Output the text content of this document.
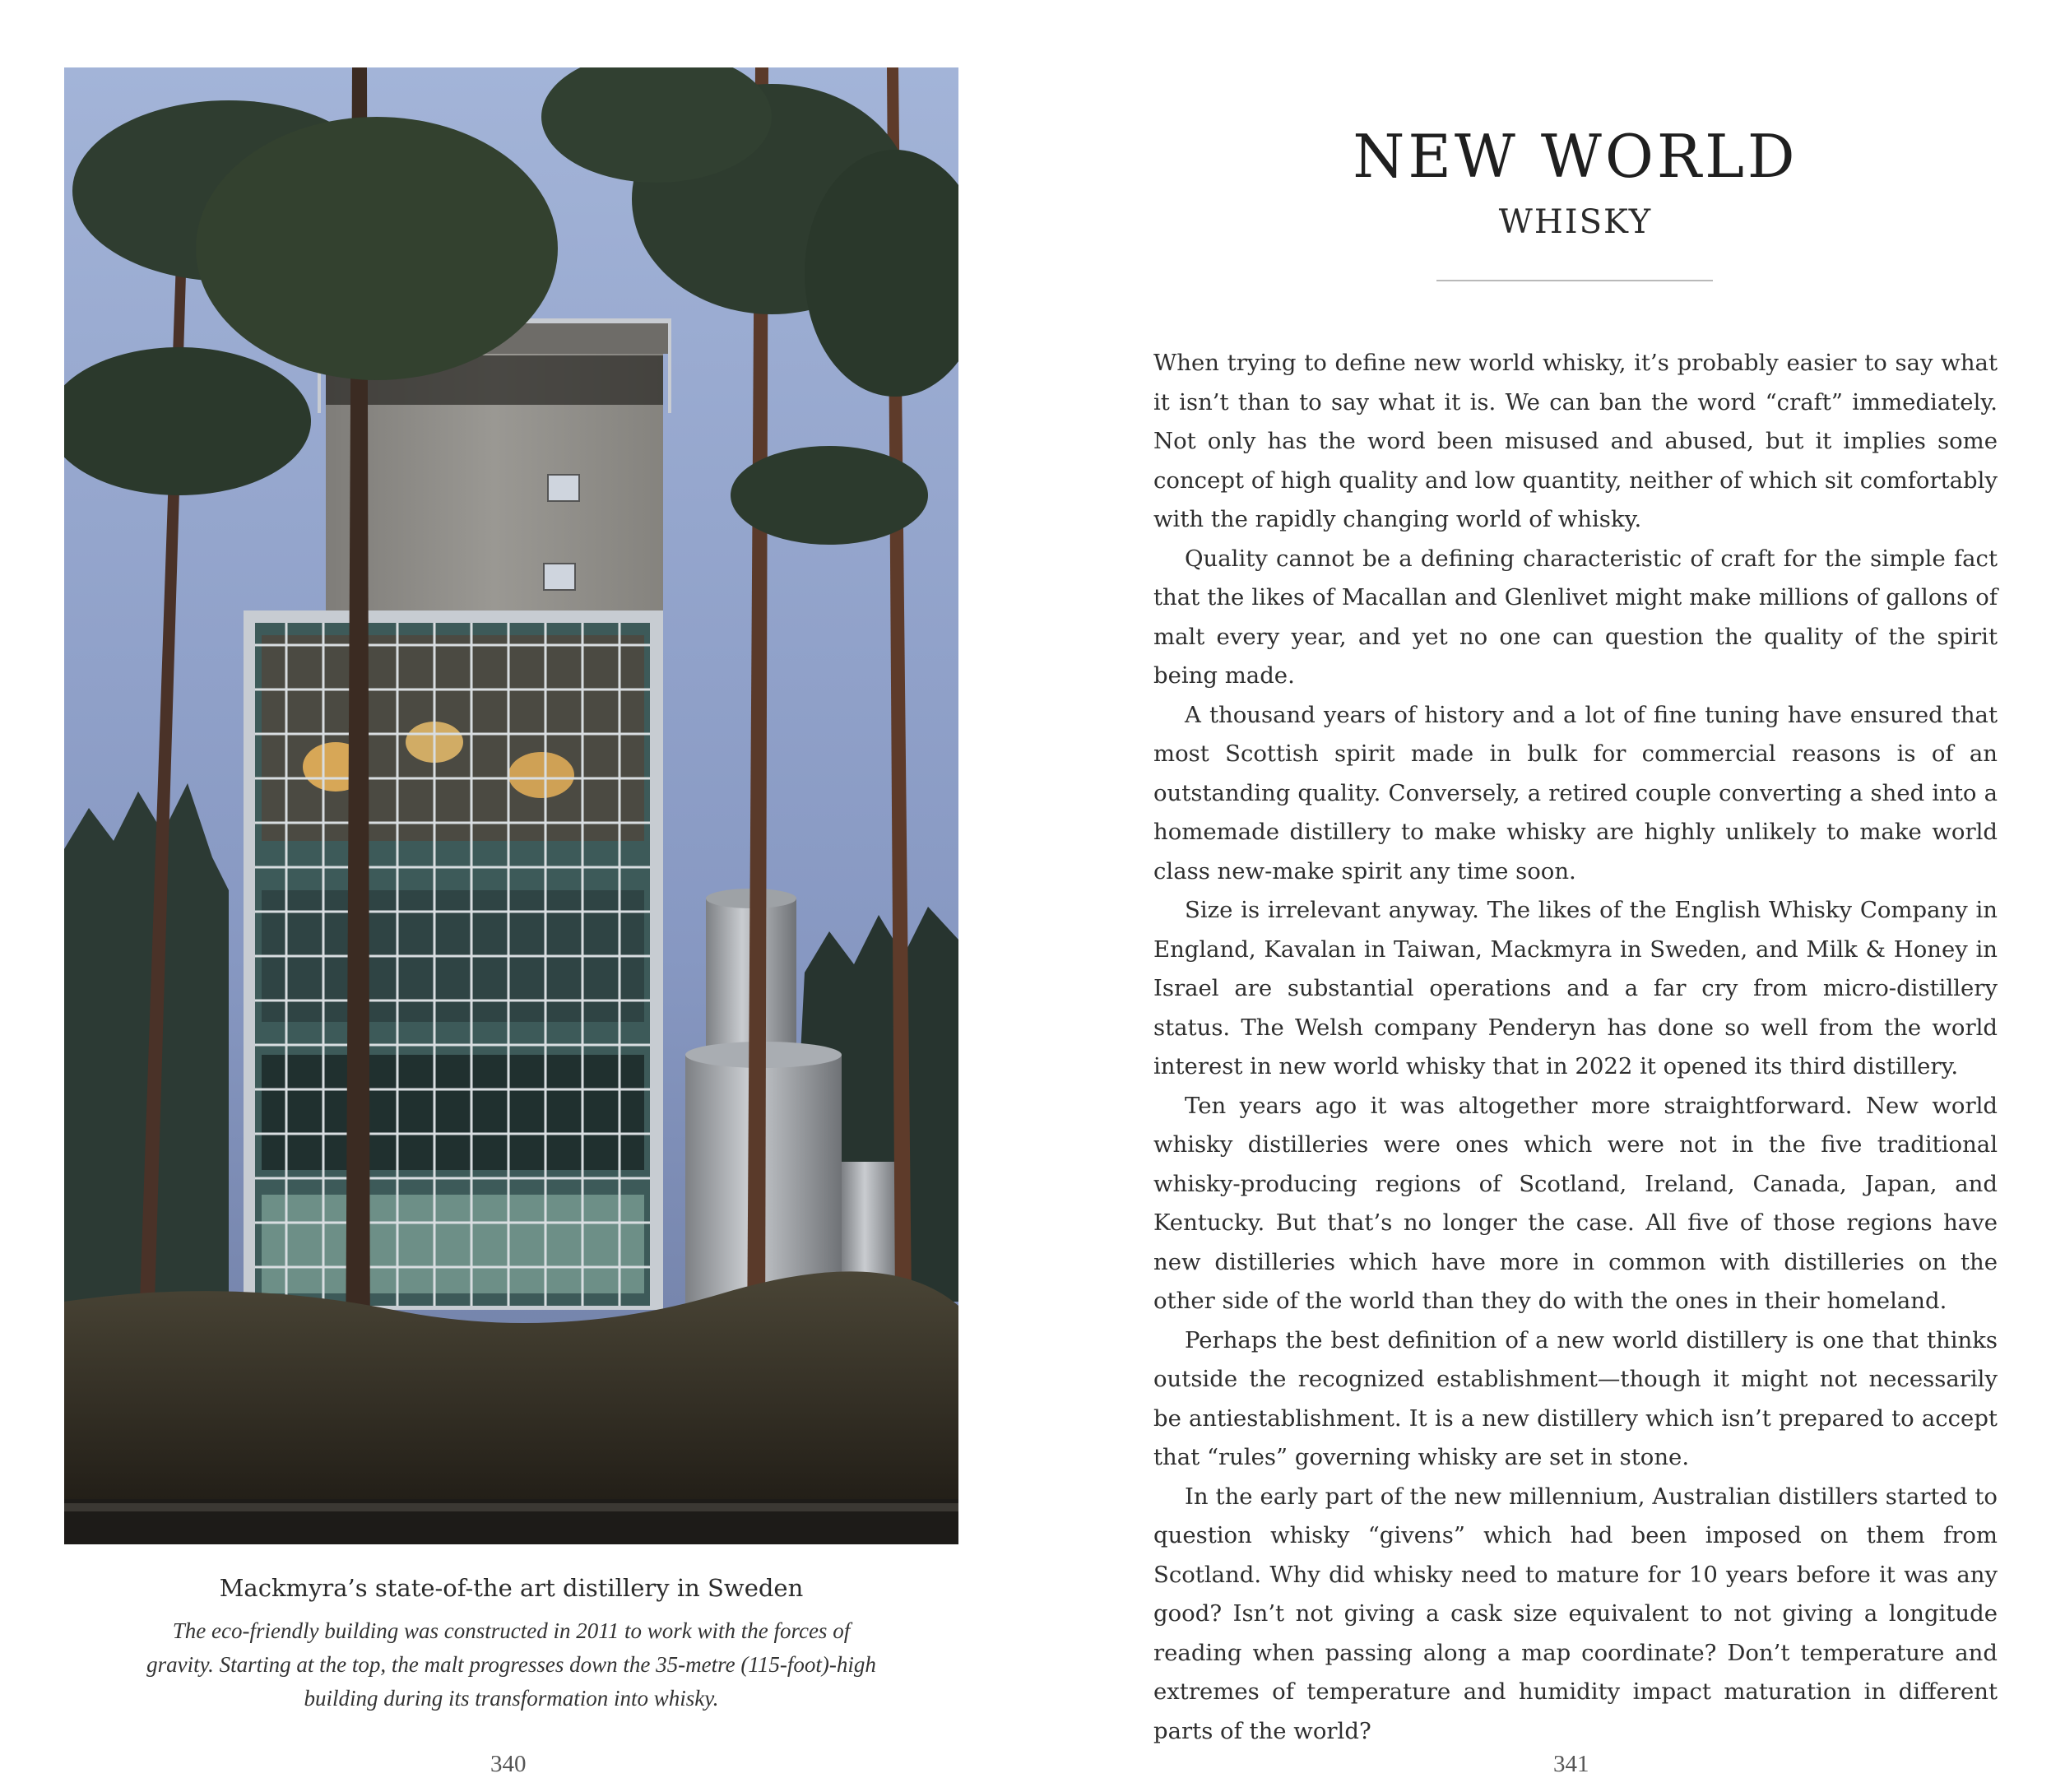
Mackmyra’s state-of-the art distillery in Sweden

The eco-friendly building was constructed in 2011 to work with the forces of gravity. Starting at the top, the malt progresses down the 35-metre (115-foot)-high building during its transformation into whisky.

340
NEW WORLD
WHISKY

When trying to define new world whisky, it’s probably easier to say what it isn’t than to say what it is. We can ban the word “craft” immediately. Not only has the word been misused and abused, but it implies some concept of high quality and low quantity, neither of which sit comfortably with the rapidly changing world of whisky.

Quality cannot be a defining characteristic of craft for the simple fact that the likes of Macallan and Glenlivet might make millions of gallons of malt every year, and yet no one can question the quality of the spirit being made.

A thousand years of history and a lot of fine tuning have ensured that most Scottish spirit made in bulk for commercial reasons is of an outstanding quality. Conversely, a retired couple converting a shed into a homemade distillery to make whisky are highly unlikely to make world class new-make spirit any time soon.

Size is irrelevant anyway. The likes of the English Whisky Company in England, Kavalan in Taiwan, Mackmyra in Sweden, and Milk & Honey in Israel are substantial operations and a far cry from micro-distillery status. The Welsh company Penderyn has done so well from the world interest in new world whisky that in 2022 it opened its third distillery.

Ten years ago it was altogether more straightforward. New world whisky distilleries were ones which were not in the five traditional whisky-producing regions of Scotland, Ireland, Canada, Japan, and Kentucky. But that’s no longer the case. All five of those regions have new distilleries which have more in common with distilleries on the other side of the world than they do with the ones in their homeland.

Perhaps the best definition of a new world distillery is one that thinks outside the recognized establishment—though it might not necessarily be antiestablishment. It is a new distillery which isn’t prepared to accept that “rules” governing whisky are set in stone.

In the early part of the new millennium, Australian distillers started to question whisky “givens” which had been imposed on them from Scotland. Why did whisky need to mature for 10 years before it was any good? Isn’t not giving a cask size equivalent to not giving a longitude reading when passing along a map coordinate? Don’t temperature and extremes of temperature and humidity impact maturation in different parts of the world?

341
